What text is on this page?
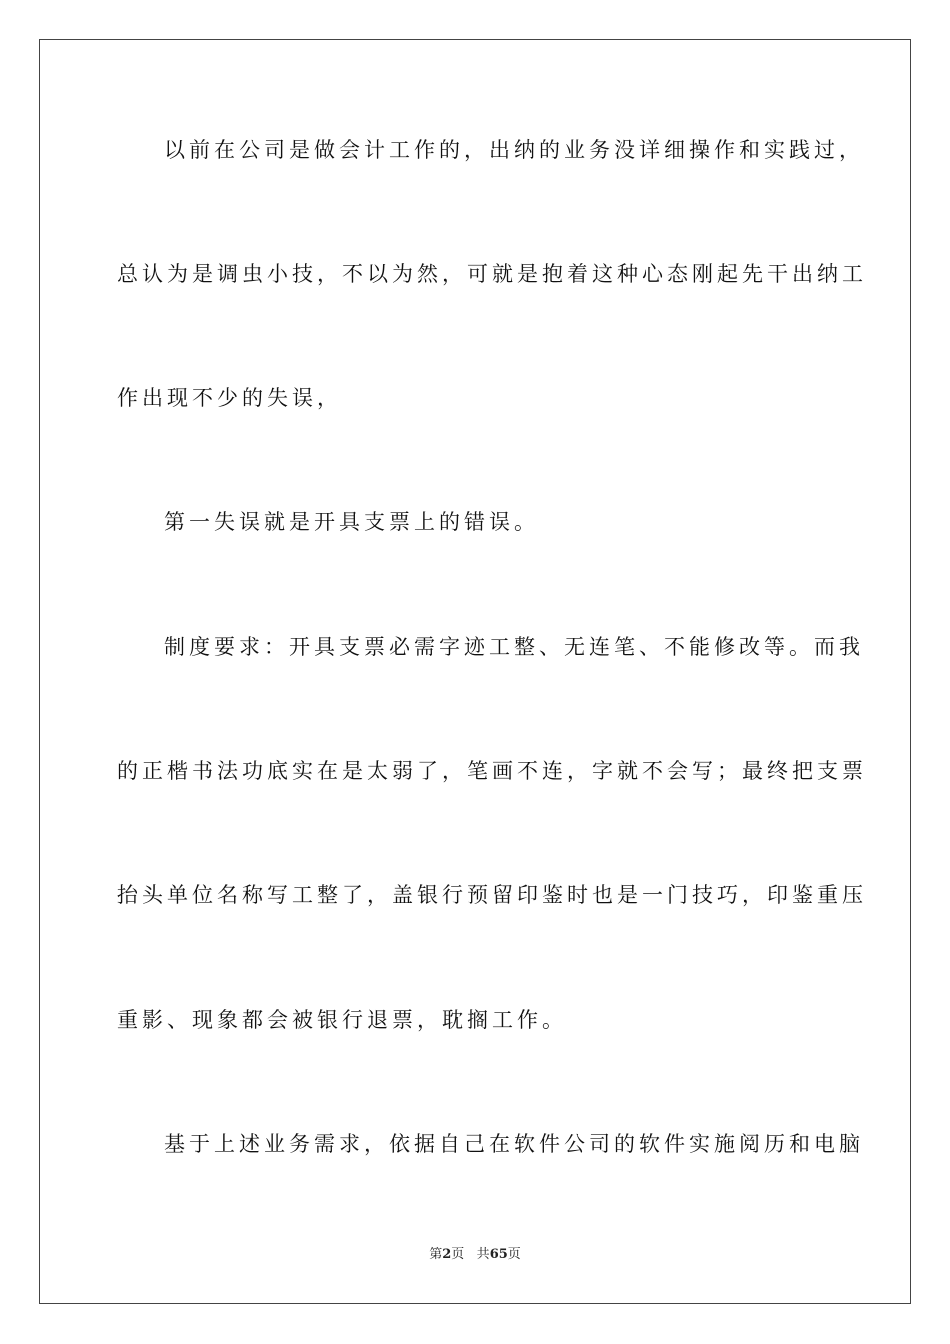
以前在公司是做会计工作的，出纳的业务没详细操作和实践过，
总认为是调虫小技，不以为然，可就是抱着这种心态刚起先干出纳工
作出现不少的失误，
第一失误就是开具支票上的错误。
制度要求：开具支票必需字迹工整、无连笔、不能修改等。而我
的正楷书法功底实在是太弱了，笔画不连，字就不会写；最终把支票
抬头单位名称写工整了，盖银行预留印鉴时也是一门技巧，印鉴重压
重影、现象都会被银行退票，耽搁工作。
基于上述业务需求，依据自己在软件公司的软件实施阅历和电脑
第2页 共65页
